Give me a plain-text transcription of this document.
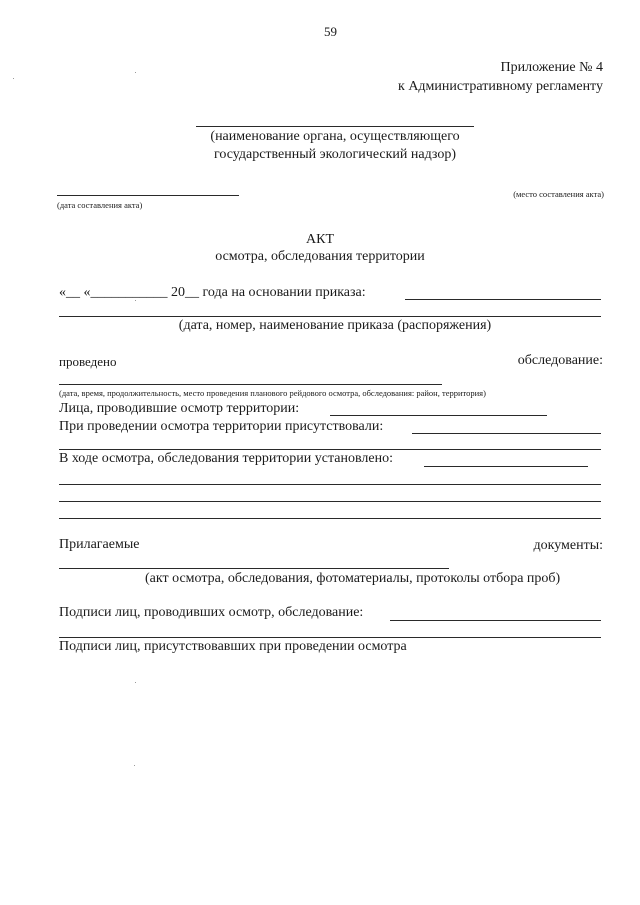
59
Приложение № 4
к Административному регламенту
(наименование органа, осуществляющего
государственный экологический надзор)
(дата составления акта)
(место составления акта)
АКТ
осмотра, обследования территории
«__ «___________ 20__ года на основании приказа:
(дата, номер, наименование приказа (распоряжения)
проведено	обследование:
(дата, время, продолжительность, место проведения планового рейдового осмотра, обследования: район, территория)
Лица, проводившие осмотр территории:
При проведении осмотра территории присутствовали:
В ходе осмотра, обследования территории установлено:
Прилагаемые	документы:
(акт осмотра, обследования, фотоматериалы, протоколы отбора проб)
Подписи лиц, проводивших осмотр, обследование:
Подписи лиц, присутствовавших при проведении осмотра
